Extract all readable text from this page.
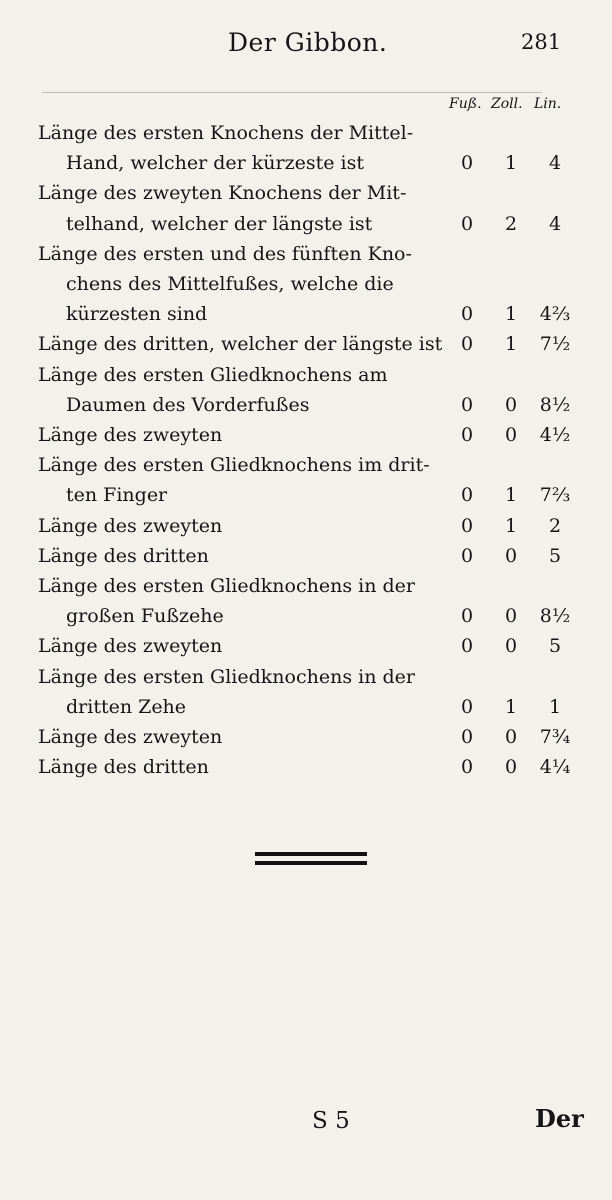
Der Gibbon.	281
Fuß. Zoll. Lin.
Länge des ersten Knochens der Mittel-
Hand, welcher der kürzeste ist	0	1	4
Länge des zweyten Knochens der Mit-
telhand, welcher der längste ist	0	2	4
Länge des ersten und des fünften Kno-
chens des Mittelfußes, welche die
kürzesten sind	0	1	4⅔
Länge des dritten, welcher der längste ist 0	1	7½
Länge des ersten Gliedknochens am
Daumen des Vorderfußes	0	0	8½
Länge des zweyten	0	0	4½
Länge des ersten Gliedknochens im drit-
ten Finger	0	1	7⅔
Länge des zweyten	0	1	2
Länge des dritten	0	0	5
Länge des ersten Gliedknochens in der
großen Fußzehe	0	0	8½
Länge des zweyten	0	0	5
Länge des ersten Gliedknochens in der
dritten Zehe	0	1	1
Länge des zweyten	0	0	7¾
Länge des dritten	0	0	4¼
S 5	Der
